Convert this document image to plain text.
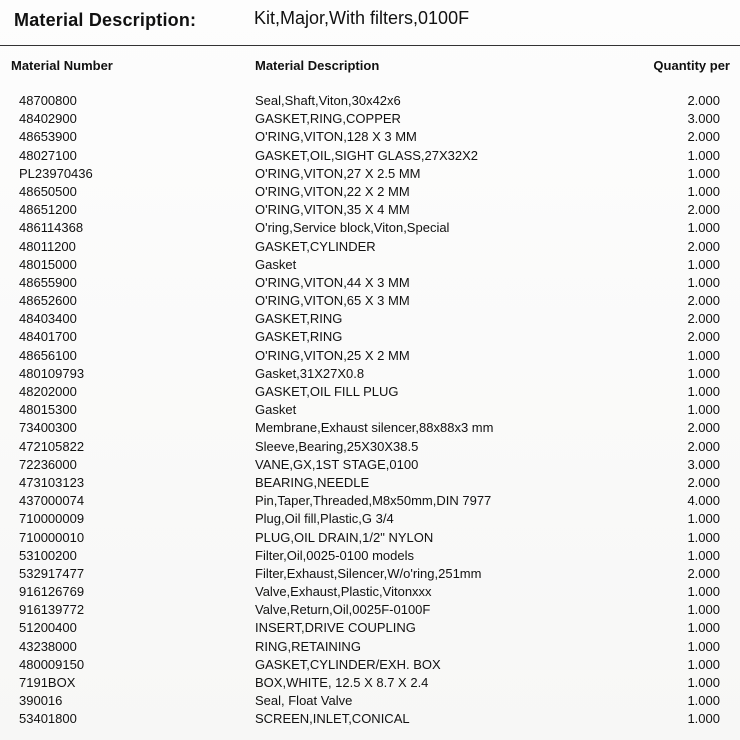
Material Description:	Kit,Major,With filters,0100F
Material Number	Material Description	Quantity per
48700800	Seal,Shaft,Viton,30x42x6	2.000
48402900	GASKET,RING,COPPER	3.000
48653900	O'RING,VITON,128 X 3 MM	2.000
48027100	GASKET,OIL,SIGHT GLASS,27X32X2	1.000
PL23970436	O'RING,VITON,27 X 2.5 MM	1.000
48650500	O'RING,VITON,22 X 2 MM	1.000
48651200	O'RING,VITON,35 X 4 MM	2.000
486114368	O'ring,Service block,Viton,Special	1.000
48011200	GASKET,CYLINDER	2.000
48015000	Gasket	1.000
48655900	O'RING,VITON,44 X 3 MM	1.000
48652600	O'RING,VITON,65 X 3 MM	2.000
48403400	GASKET,RING	2.000
48401700	GASKET,RING	2.000
48656100	O'RING,VITON,25 X 2 MM	1.000
480109793	Gasket,31X27X0.8	1.000
48202000	GASKET,OIL FILL PLUG	1.000
48015300	Gasket	1.000
73400300	Membrane,Exhaust silencer,88x88x3 mm	2.000
472105822	Sleeve,Bearing,25X30X38.5	2.000
72236000	VANE,GX,1ST STAGE,0100	3.000
473103123	BEARING,NEEDLE	2.000
437000074	Pin,Taper,Threaded,M8x50mm,DIN 7977	4.000
710000009	Plug,Oil fill,Plastic,G 3/4	1.000
710000010	PLUG,OIL DRAIN,1/2" NYLON	1.000
53100200	Filter,Oil,0025-0100 models	1.000
532917477	Filter,Exhaust,Silencer,W/o'ring,251mm	2.000
916126769	Valve,Exhaust,Plastic,Vitonxxx	1.000
916139772	Valve,Return,Oil,0025F-0100F	1.000
51200400	INSERT,DRIVE COUPLING	1.000
43238000	RING,RETAINING	1.000
480009150	GASKET,CYLINDER/EXH. BOX	1.000
7191BOX	BOX,WHITE, 12.5 X 8.7 X 2.4	1.000
390016	Seal, Float Valve	1.000
53401800	SCREEN,INLET,CONICAL	1.000
